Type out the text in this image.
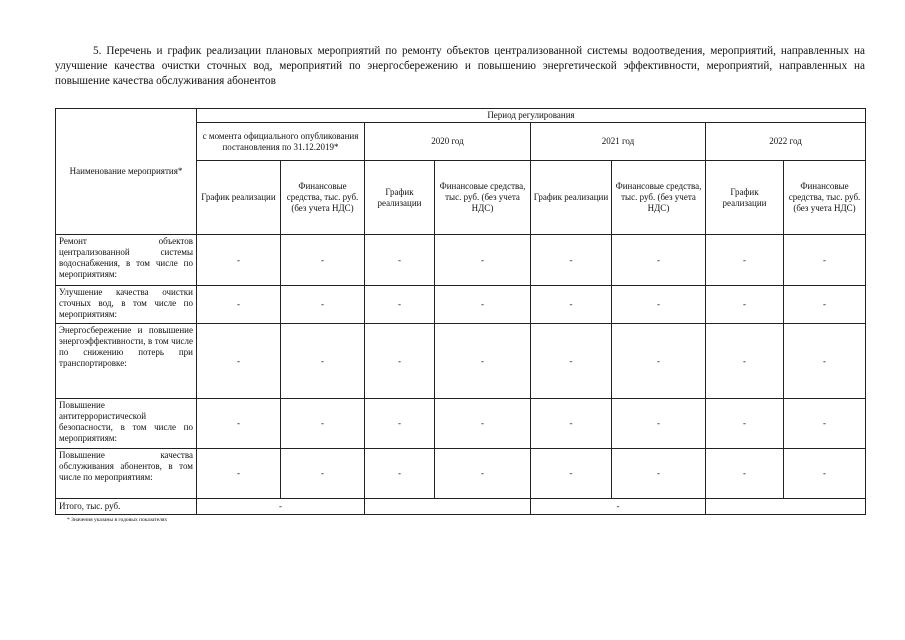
5. Перечень и график реализации плановых мероприятий по ремонту объектов централизованной системы водоотведения, мероприятий, направленных на улучшение качества очистки сточных вод, мероприятий по энергосбережению и повышению энергетической эффективности, мероприятий, направленных на повышение качества обслуживания абонентов
Наименование мероприятия*	Период регулирования							
	с момента официального опубликования постановления по 31.12.2019*		2020 год		2021 год		2022 год	
	График реализации	Финансовые средства, тыс. руб. (без учета НДС)	График реализации	Финансовые средства, тыс. руб. (без учета НДС)	График реализации	Финансовые средства, тыс. руб. (без учета НДС)	График реализации	Финансовые средства, тыс. руб. (без учета НДС)
Ремонт объектов централизованной системы водоснабжения, в том числе по мероприятиям:	-	-	-	-	-	-	-	-
Улучшение качества очистки сточных вод, в том числе по мероприятиям:	-	-	-	-	-	-	-	-
Энергосбережение и повышение энергоэффективности, в том числе по снижению потерь при транспортировке:	-	-	-	-	-	-	-	-
Повышение антитеррористической безопасности, в том числе по мероприятиям:	-	-	-	-	-	-	-	-
Повышение качества обслуживания абонентов, в том числе по мероприятиям:	-	-	-	-	-	-	-	-
Итого, тыс. руб.	-				-			
* Значения указаны в годовых показателях
